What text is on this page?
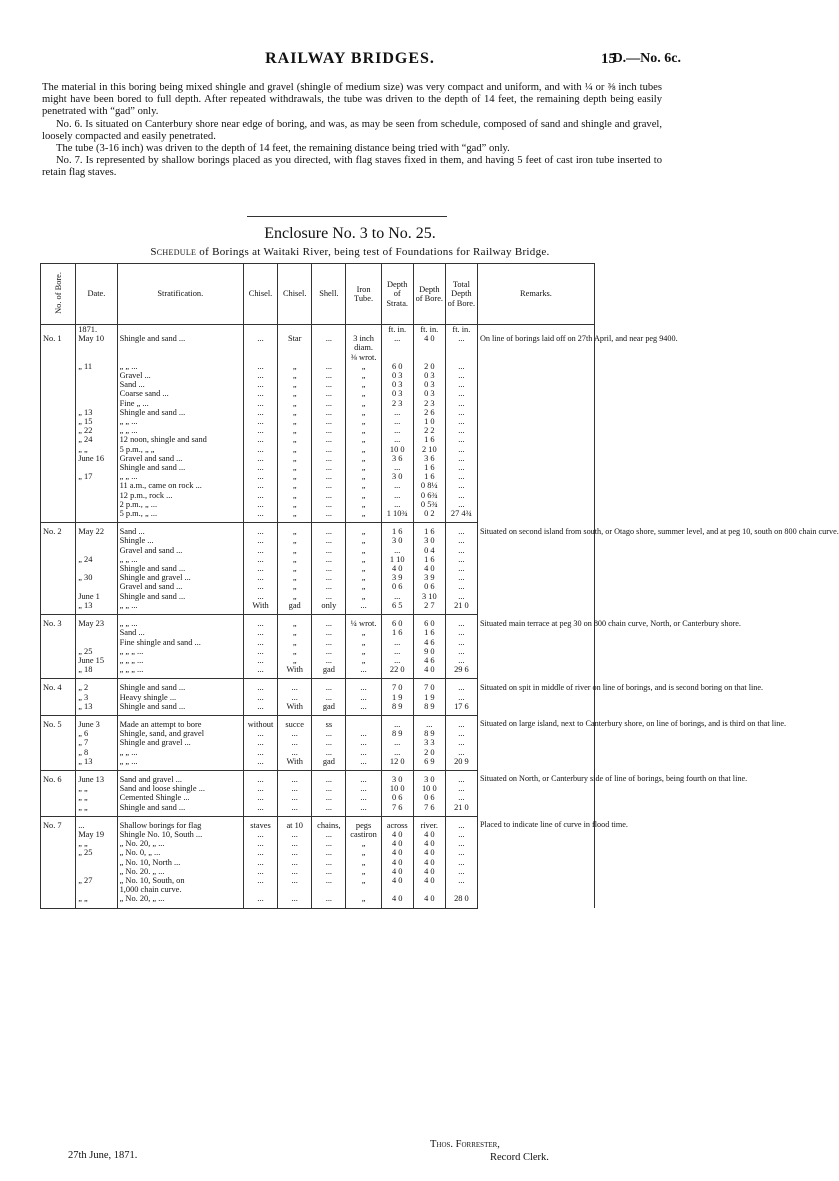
RAILWAY BRIDGES.	15
D.—No. 6c.

The material in this boring being mixed shingle and gravel (shingle of medium size) was very compact and uniform, and with ¼ or ⅜ inch tubes might have been bored to full depth. After repeated withdrawals, the tube was driven to the depth of 14 feet, the remaining depth being easily penetrated with “gad” only.

No. 6. Is situated on Canterbury shore near edge of boring, and was, as may be seen from schedule, composed of sand and shingle and gravel, loosely compacted and easily penetrated.

The tube (3-16 inch) was driven to the depth of 14 feet, the remaining distance being tried with “gad” only.

No. 7. Is represented by shallow borings placed as you directed, with flag staves fixed in them, and having 5 feet of cast iron tube inserted to retain flag staves.

Enclosure No. 3 to No. 25.
Schedule of Borings at Waitaki River, being test of Foundations for Railway Bridge.
No. of Bore.	Date.	Stratification.	Chisel.	Chisel.	Shell.	Iron Tube.	Depth of Strata.	Depth of Bore.	Total Depth of Bore.	Remarks.
	1871.						ft. in.	ft. in.	ft. in.	
No. 1	May 10	Shingle and sand ...	...	Star	...	3 inch	...	4 0	...	On line of borings laid off on 27th April, and near peg 9400.
						diam.				
						⅜ wrot.				
	„ 11	„ „ ...	...	„	...	„	6 0	2 0	...	
		Gravel ...	...	„	...	„	0 3	0 3	...	
		Sand ...	...	„	...	„	0 3	0 3	...	
		Coarse sand ...	...	„	...	„	0 3	0 3	...	
		Fine „ ...	...	„	...	„	2 3	2 3	...	
	„ 13	Shingle and sand ...	...	„	...	„	...	2 6	...	
	„ 15	„ „ ...	...	„	...	„	...	1 0	...	
	„ 22	„ „ ...	...	„	...	„	...	2 2	...	
	„ 24	12 noon, shingle and sand	...	„	...	„	...	1 6	...	
	„ „	5 p.m., „ „	...	„	...	„	10 0	2 10	...	
	June 16	Gravel and sand ...	...	„	...	„	3 6	3 6	...	
		Shingle and sand ...	...	„	...	„	...	1 6	...	
	„ 17	„ „ ...	...	„	...	„	3 0	1 6	...	
		11 a.m., came on rock ...	...	„	...	„	...	0 8¼	...	
		12 p.m., rock ...	...	„	...	„	...	0 6¾	...	
		2 p.m., „ ...	...	„	...	„	...	0 5¾	...	
		5 p.m., „ ...	...	„	...	„	1 10¾	0 2	27 4¾	
No. 2	May 22	Sand ...	...	„	...	„	1 6	1 6	...	Situated on second island from south, or Otago shore, summer level, and at peg 10, south on 800 chain curve.
		Shingle ...	...	„	...	„	3 0	3 0	...	
		Gravel and sand ...	...	„	...	„	...	0 4	...	
	„ 24	„ „ ...	...	„	...	„	1 10	1 6	...	
		Shingle and sand ...	...	„	...	„	4 0	4 0	...	
	„ 30	Shingle and gravel ...	...	„	...	„	3 9	3 9	...	
		Gravel and sand ...	...	„	...	„	0 6	0 6	...	
	June 1	Shingle and sand ...	...	„	...	„	...	3 10	...	
	„ 13	„ „ ...	With	gad	only	...	6 5	2 7	21 0	
No. 3	May 23	„ „ ...	...	„	...	¼ wrot.	6 0	6 0	...	Situated main terrace at peg 30 on 800 chain curve, North, or Canterbury shore.
		Sand ...	...	„	...	„	1 6	1 6	...	
		Fine shingle and sand ...	...	„	...	„	...	4 6	...	
	„ 25	„ „ „ ...	...	„	...	„	...	9 0	...	
	June 15	„ „ „ ...	...	„	...	„	...	4 6	...	
	„ 18	„ „ „ ...	...	With	gad	...	22 0	4 0	29 6	
No. 4	„ 2	Shingle and sand ...	...	...	...	...	7 0	7 0	...	Situated on spit in middle of river on line of borings, and is second boring on that line.
	„ 3	Heavy shingle ...	...	...	...	...	1 9	1 9	...	
	„ 13	Shingle and sand ...	...	With	gad	...	8 9	8 9	17 6	
No. 5	June 3	Made an attempt to bore	without	succe	ss		...	...	...	Situated on large island, next to Canterbury shore, on line of borings, and is third on that line.
	„ 6	Shingle, sand, and gravel	...	...	...	...	8 9	8 9	...	
	„ 7	Shingle and gravel ...	...	...	...	...	...	3 3	...	
	„ 8	„ „ ...	...	...	...	...	...	2 0	...	
	„ 13	„ „ ...	...	With	gad	...	12 0	6 9	20 9	
No. 6	June 13	Sand and gravel ...	...	...	...	...	3 0	3 0	...	Situated on North, or Canterbury side of line of borings, being fourth on that line.
	„ „	Sand and loose shingle ...	...	...	...	...	10 0	10 0	...	
	„ „	Cemented Shingle ...	...	...	...	...	0 6	0 6	...	
	„ „	Shingle and sand ...	...	...	...	...	7 6	7 6	21 0	
No. 7	...	Shallow borings for flag	staves	at 10	chains,	pegs	across	river.	...	Placed to indicate line of curve in flood time.
	May 19	Shingle No. 10, South ...	...	...	...	castiron	4 0	4 0	...	
	„ „	„ No. 20, „ ...	...	...	...	„	4 0	4 0	...	
	„ 25	„ No. 0, „ ...	...	...	...	„	4 0	4 0	...	
		„ No. 10, North ...	...	...	...	„	4 0	4 0	...	
		„ No. 20. „ ...	...	...	...	„	4 0	4 0	...	
	„ 27	„ No. 10, South, on	...	...	...	„	4 0	4 0	...	
		1,000 chain curve.								
	„ „	„ No. 20, „ ...	...	...	...	„	4 0	4 0	28 0	
27th June, 1871.
Thos. Forrester,
Record Clerk.
